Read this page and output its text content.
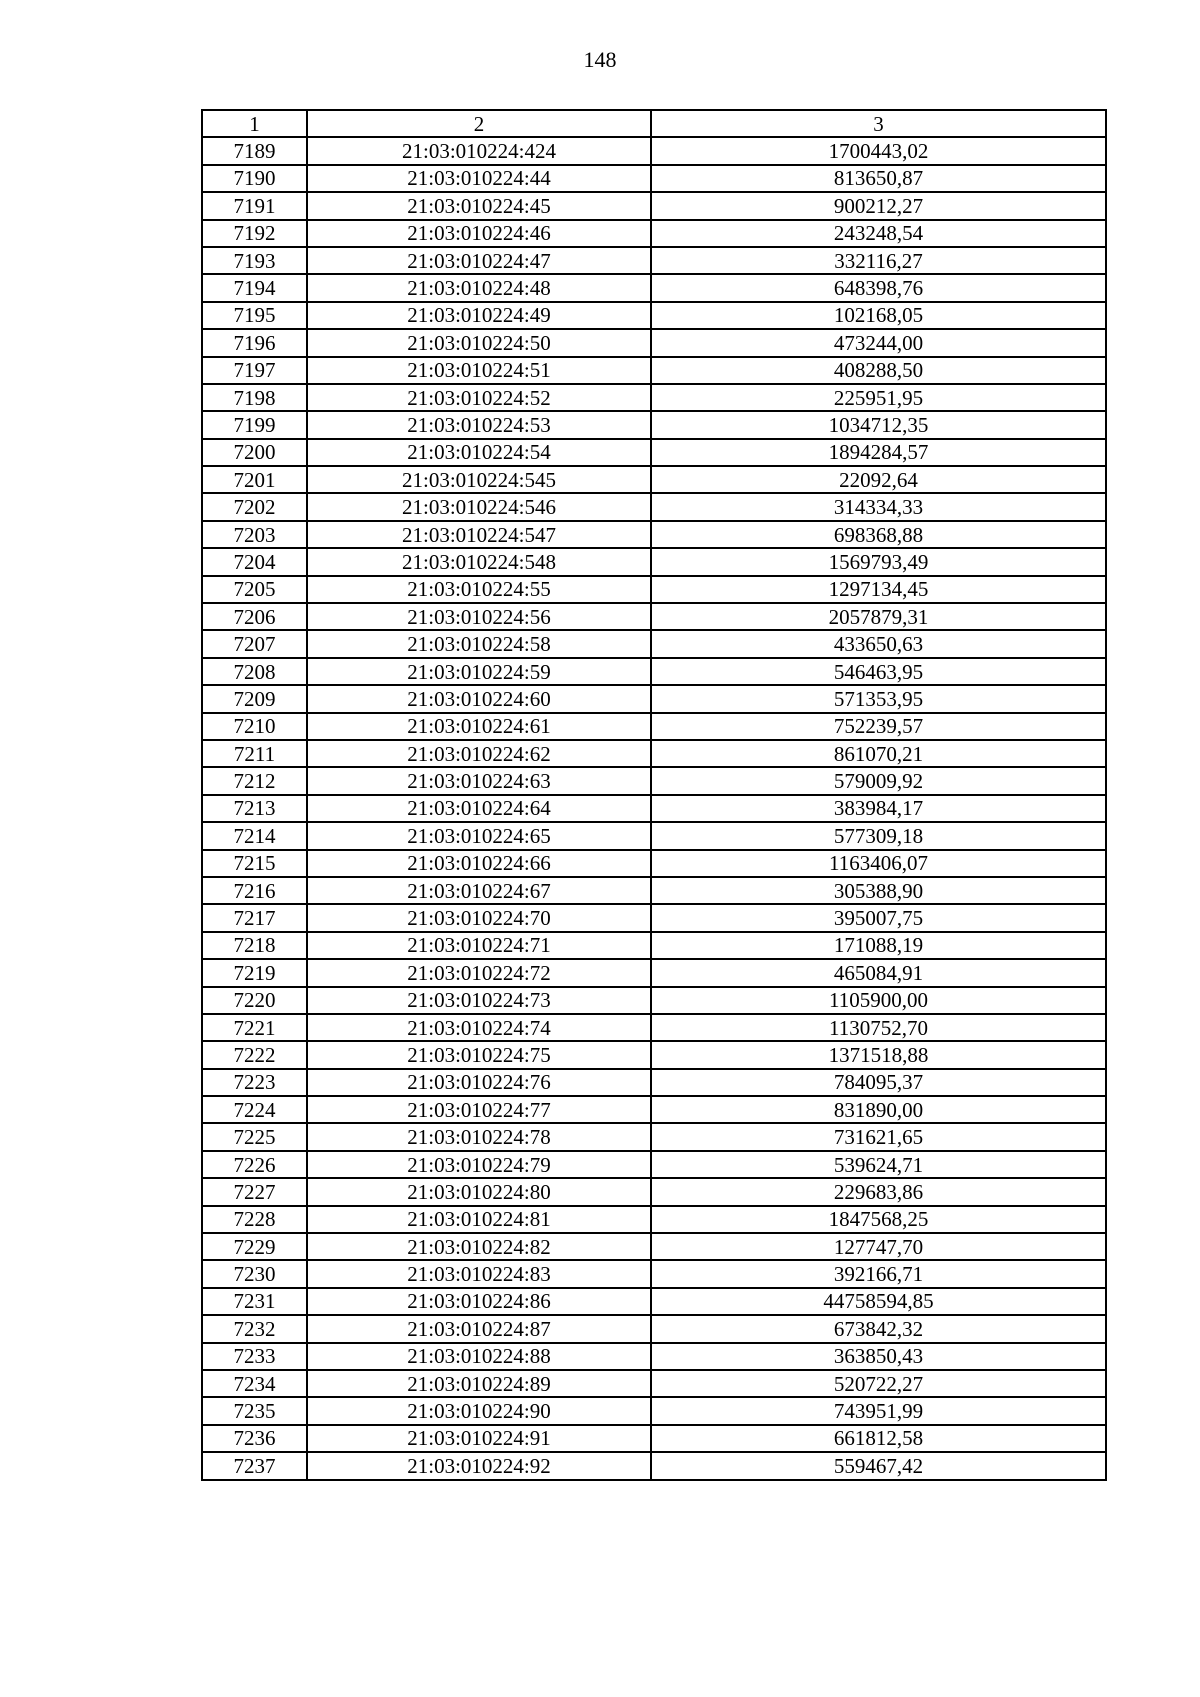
148
1	2	3
7189	21:03:010224:424	1700443,02
7190	21:03:010224:44	813650,87
7191	21:03:010224:45	900212,27
7192	21:03:010224:46	243248,54
7193	21:03:010224:47	332116,27
7194	21:03:010224:48	648398,76
7195	21:03:010224:49	102168,05
7196	21:03:010224:50	473244,00
7197	21:03:010224:51	408288,50
7198	21:03:010224:52	225951,95
7199	21:03:010224:53	1034712,35
7200	21:03:010224:54	1894284,57
7201	21:03:010224:545	22092,64
7202	21:03:010224:546	314334,33
7203	21:03:010224:547	698368,88
7204	21:03:010224:548	1569793,49
7205	21:03:010224:55	1297134,45
7206	21:03:010224:56	2057879,31
7207	21:03:010224:58	433650,63
7208	21:03:010224:59	546463,95
7209	21:03:010224:60	571353,95
7210	21:03:010224:61	752239,57
7211	21:03:010224:62	861070,21
7212	21:03:010224:63	579009,92
7213	21:03:010224:64	383984,17
7214	21:03:010224:65	577309,18
7215	21:03:010224:66	1163406,07
7216	21:03:010224:67	305388,90
7217	21:03:010224:70	395007,75
7218	21:03:010224:71	171088,19
7219	21:03:010224:72	465084,91
7220	21:03:010224:73	1105900,00
7221	21:03:010224:74	1130752,70
7222	21:03:010224:75	1371518,88
7223	21:03:010224:76	784095,37
7224	21:03:010224:77	831890,00
7225	21:03:010224:78	731621,65
7226	21:03:010224:79	539624,71
7227	21:03:010224:80	229683,86
7228	21:03:010224:81	1847568,25
7229	21:03:010224:82	127747,70
7230	21:03:010224:83	392166,71
7231	21:03:010224:86	44758594,85
7232	21:03:010224:87	673842,32
7233	21:03:010224:88	363850,43
7234	21:03:010224:89	520722,27
7235	21:03:010224:90	743951,99
7236	21:03:010224:91	661812,58
7237	21:03:010224:92	559467,42
